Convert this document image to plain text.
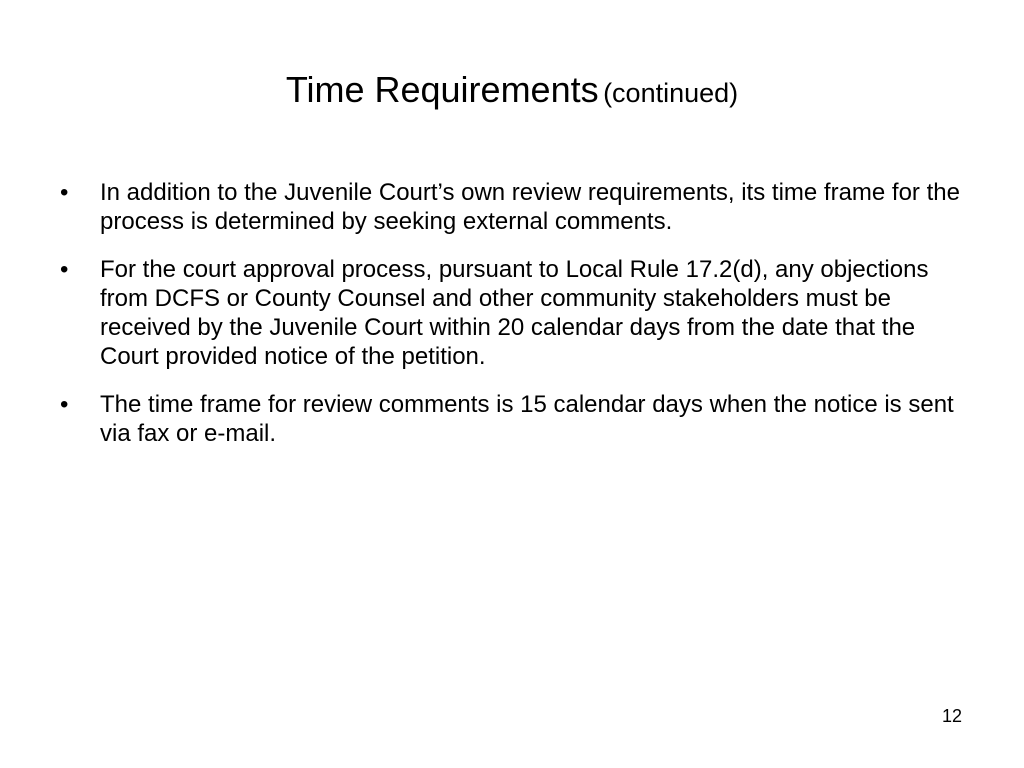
Time Requirements (continued)
•	In addition to the Juvenile Court’s own review requirements, its time frame for the process is determined by seeking external comments.
•	For the court approval process, pursuant to Local Rule 17.2(d), any objections from DCFS or County Counsel and other community stakeholders must be received by the Juvenile Court within 20 calendar days from the date that the Court provided notice of the petition.
•	The time frame for review comments is 15 calendar days when the notice is sent via fax or e-mail.
12
